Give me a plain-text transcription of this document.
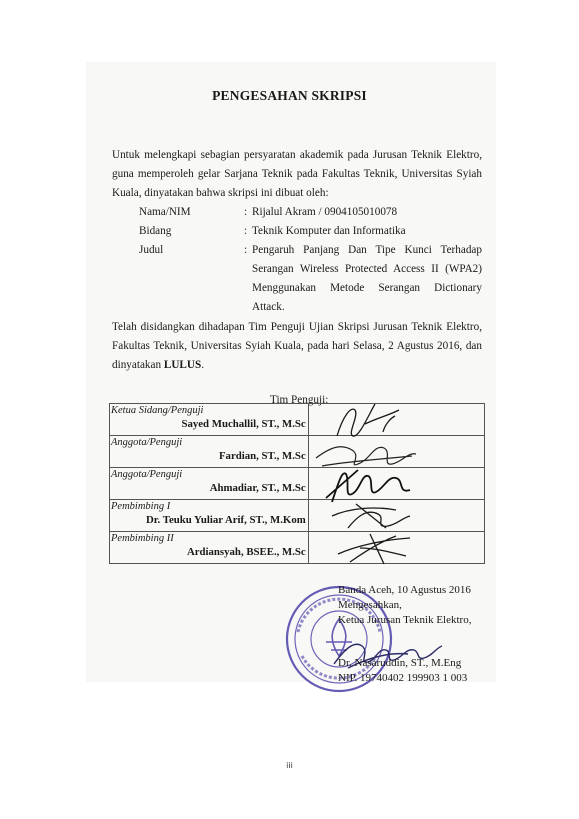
PENGESAHAN SKRIPSI
Untuk melengkapi sebagian persyaratan akademik pada Jurusan Teknik Elektro,
guna memperoleh gelar Sarjana Teknik pada Fakultas Teknik, Universitas Syiah
Kuala, dinyatakan bahwa skripsi ini dibuat oleh:
Nama/NIM	: Rijalul Akram / 0904105010078
Bidang	: Teknik Komputer dan Informatika
Judul	: Pengaruh Panjang Dan Tipe Kunci Terhadap
Serangan Wireless Protected Access II (WPA2)
Menggunakan Metode Serangan Dictionary
Attack.
Telah disidangkan dihadapan Tim Penguji Ujian Skripsi Jurusan Teknik Elektro,
Fakultas Teknik, Universitas Syiah Kuala, pada hari Selasa, 2 Agustus 2016, dan
dinyatakan LULUS.
Tim Penguji:
Ketua Sidang/Penguji
Sayed Muchallil, ST., M.Sc	

Anggota/Penguji
Fardian, ST., M.Sc	

Anggota/Penguji
Ahmadiar, ST., M.Sc	

Pembimbing I
Dr. Teuku Yuliar Arif, ST., M.Kom	

Pembimbing II
Ardiansyah, BSEE., M.Sc	

Banda Aceh, 10 Agustus 2016
Mengesahkan,
Ketua Jurusan Teknik Elektro,
Dr. Nasaruddin, ST., M.Eng
NIP. 19740402 199903 1 003
iii
